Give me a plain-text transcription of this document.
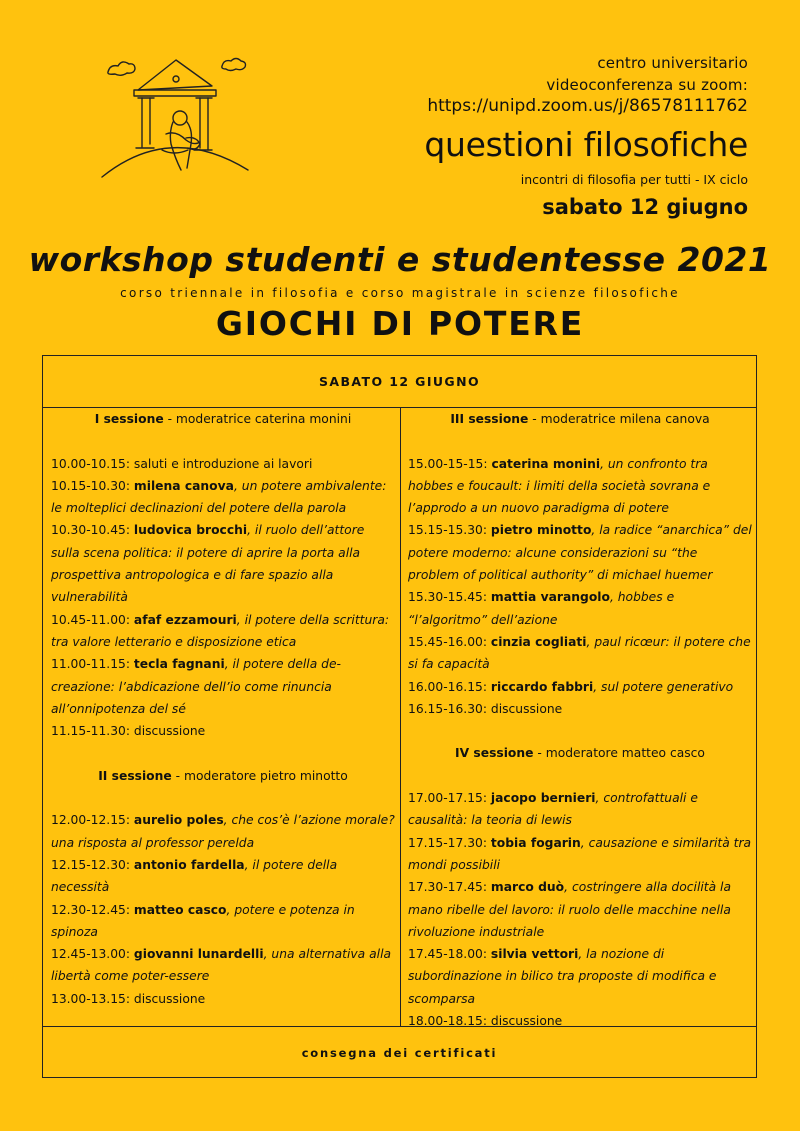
centro universitario
videoconferenza su zoom:
https://unipd.zoom.us/j/86578111762
questioni filosofiche
incontri di filosofia per tutti - IX ciclo
sabato 12 giugno
workshop studenti e studentesse 2021
corso triennale in filosofia e corso magistrale in scienze filosofiche
GIOCHI DI POTERE
SABATO 12 GIUGNO
I sessione - moderatrice caterina monini
10.00-10.15: saluti e introduzione ai lavori
10.15-10.30: milena canova, un potere ambivalente: le molteplici declinazioni del potere della parola
10.30-10.45: ludovica brocchi, il ruolo dell’attore sulla scena politica: il potere di aprire la porta alla prospettiva antropologica e di fare spazio alla vulnerabilità
10.45-11.00: afaf ezzamouri, il potere della scrittura: tra valore letterario e disposizione etica
11.00-11.15: tecla fagnani, il potere della de-creazione: l’abdicazione dell’io come rinuncia all’onnipotenza del sé
11.15-11.30: discussione
II sessione - moderatore pietro minotto
12.00-12.15: aurelio poles, che cos’è l’azione morale? una risposta al professor perelda
12.15-12.30: antonio fardella, il potere della necessità
12.30-12.45: matteo casco, potere e potenza in spinoza
12.45-13.00: giovanni lunardelli, una alternativa alla libertà come poter-essere
13.00-13.15: discussione
III sessione - moderatrice milena canova
15.00-15-15: caterina monini, un confronto tra hobbes e foucault: i limiti della società sovrana e l’approdo a un nuovo paradigma di potere
15.15-15.30: pietro minotto, la radice “anarchica” del potere moderno: alcune considerazioni su “the problem of political authority” di michael huemer
15.30-15.45: mattia varangolo, hobbes e “l’algoritmo” dell’azione
15.45-16.00: cinzia cogliati, paul ricœur: il potere che si fa capacità
16.00-16.15: riccardo fabbri, sul potere generativo
16.15-16.30: discussione
IV sessione - moderatore matteo casco
17.00-17.15: jacopo bernieri, controfattuali e causalità: la teoria di lewis
17.15-17.30: tobia fogarin, causazione e similarità tra mondi possibili
17.30-17.45: marco duò, costringere alla docilità la mano ribelle del lavoro: il ruolo delle macchine nella rivoluzione industriale
17.45-18.00: silvia vettori, la nozione di subordinazione in bilico tra proposte di modifica e scomparsa
18.00-18.15: discussione
consegna dei certificati
